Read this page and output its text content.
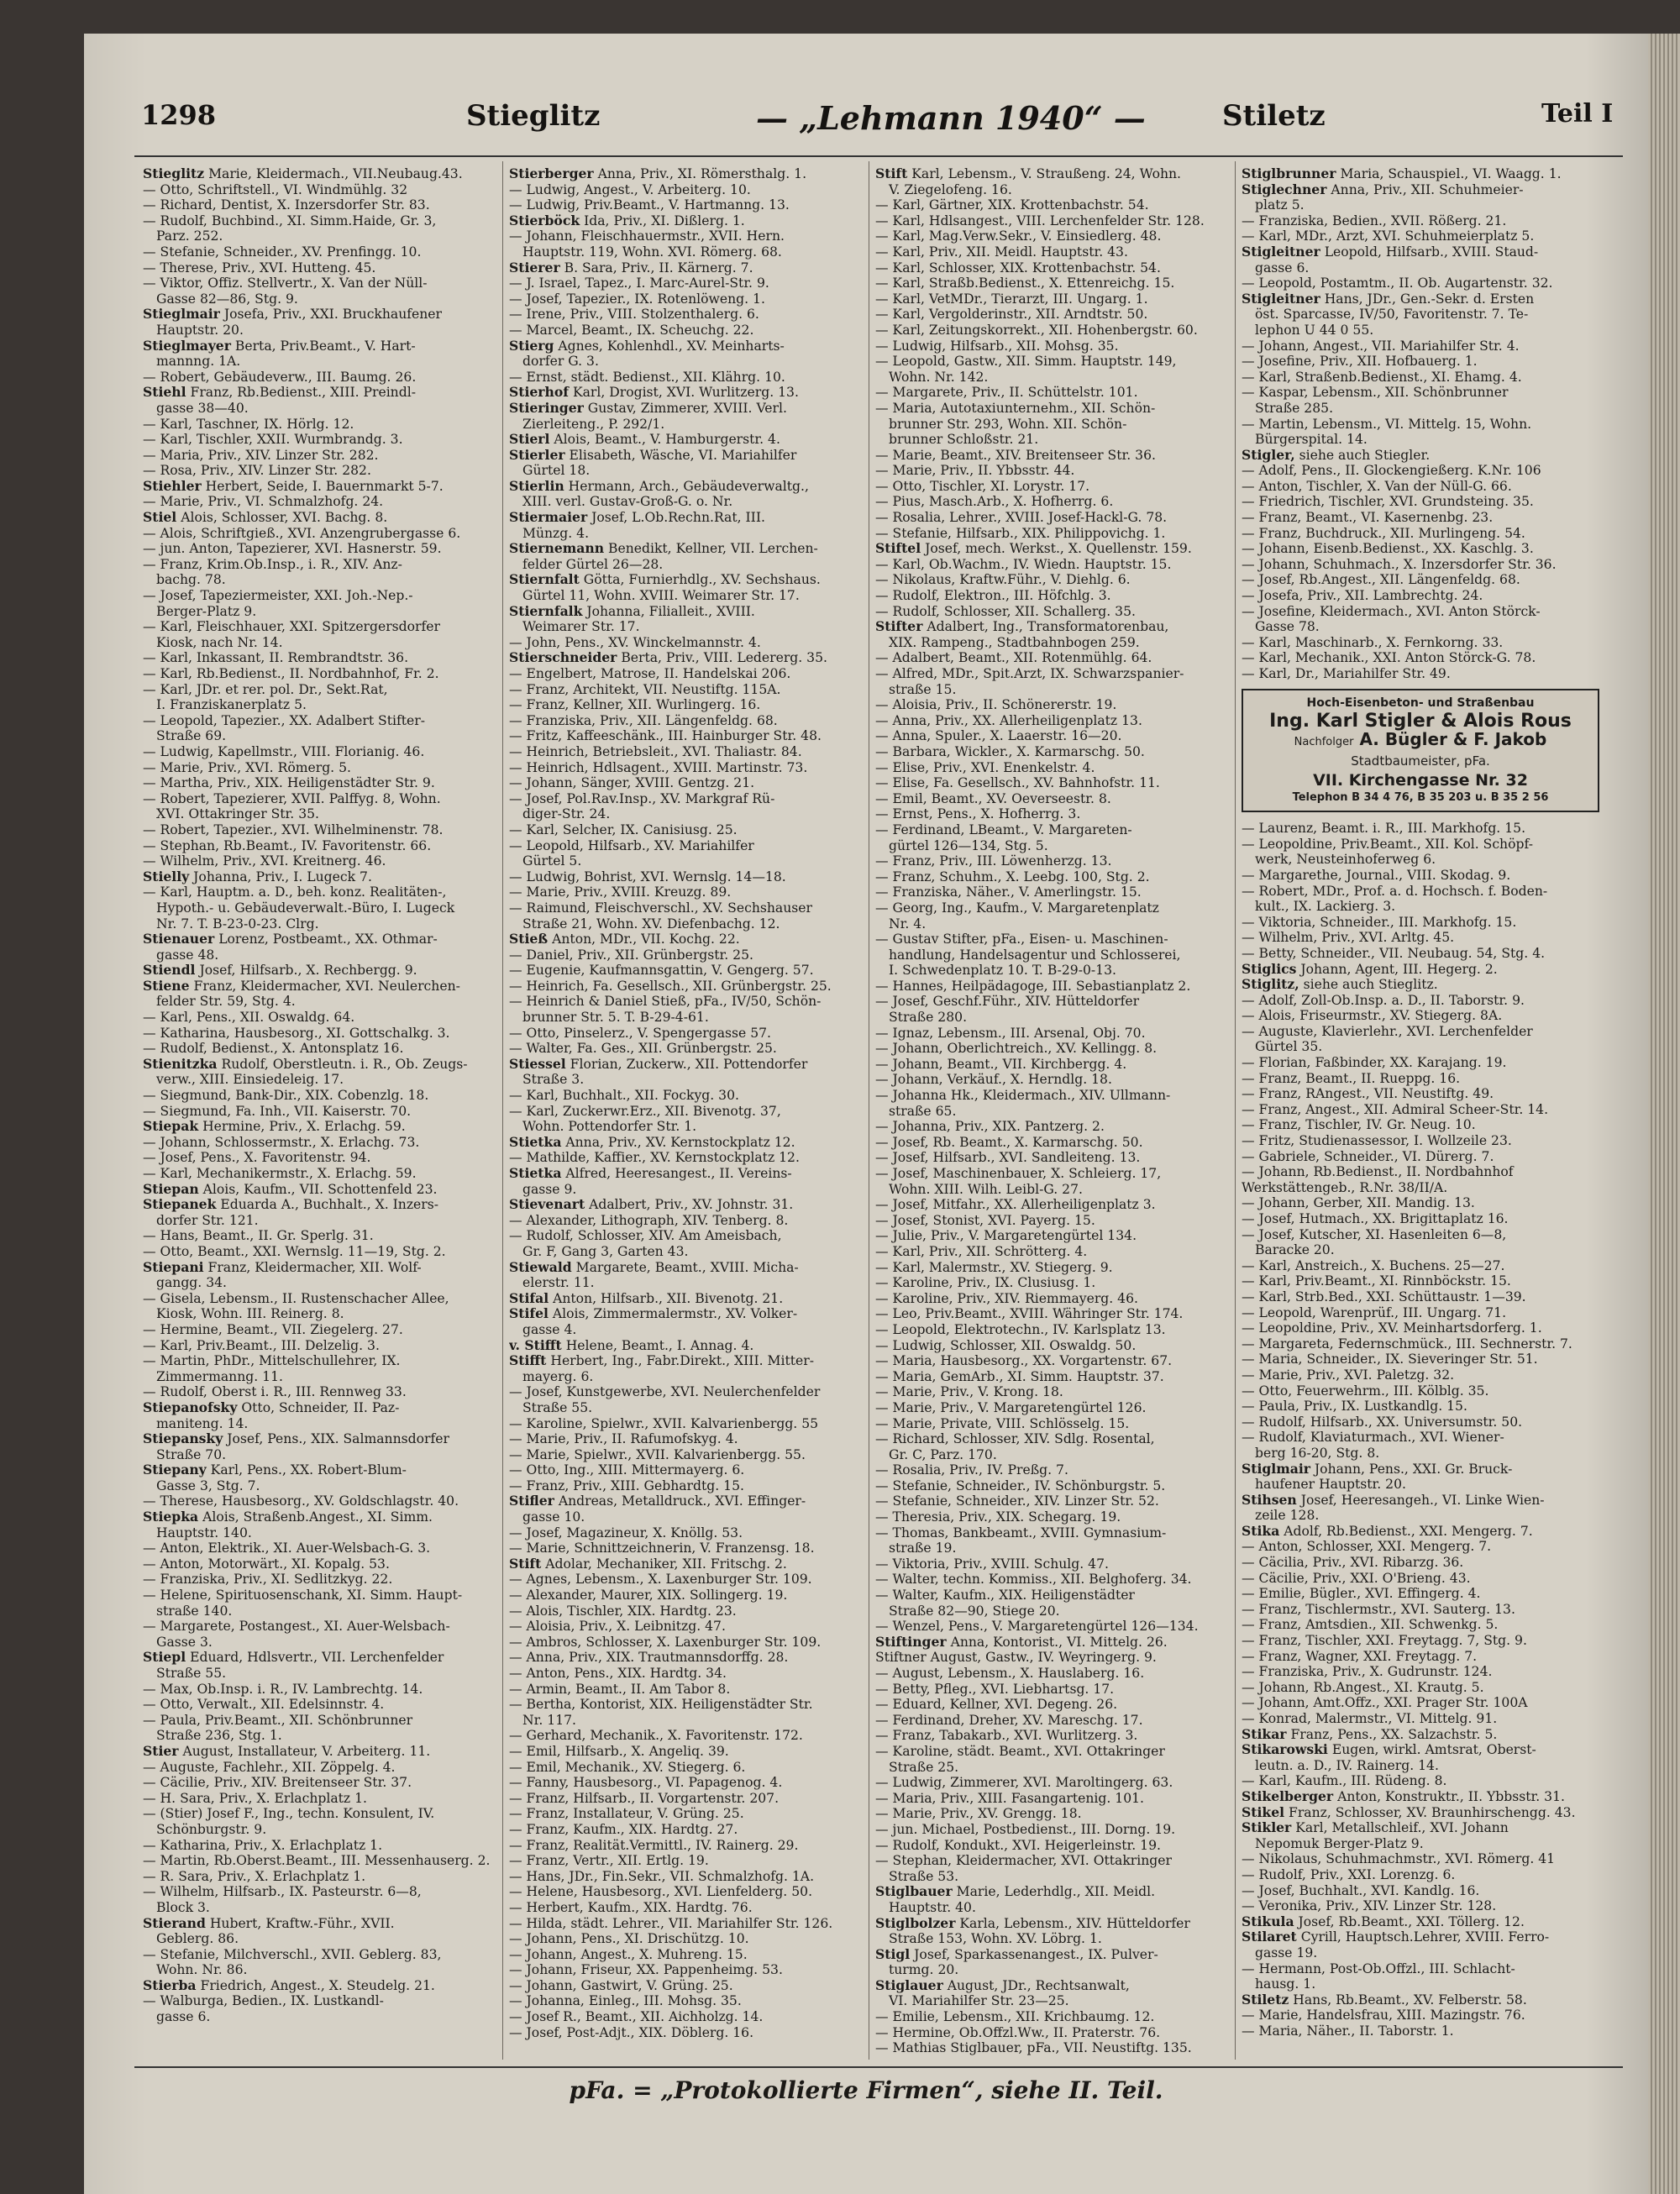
1298	Stieglitz	— „Lehmann 1940“ —	Stiletz	Teil I
Stieglitz Marie, Kleidermach., VII.Neubaug.43.
— Otto, Schriftstell., VI. Windmühlg. 32
— Richard, Dentist, X. Inzersdorfer Str. 83.
— Rudolf, Buchbind., XI. Simm.Haide, Gr. 3,
Parz. 252.
— Stefanie, Schneider., XV. Prenfingg. 10.
— Therese, Priv., XVI. Hutteng. 45.
— Viktor, Offiz. Stellvertr., X. Van der Nüll-
Gasse 82—86, Stg. 9.
Stieglmair Josefa, Priv., XXI. Bruckhaufener
Hauptstr. 20.
Stieglmayer Berta, Priv.Beamt., V. Hart-
mannng. 1A.
— Robert, Gebäudeverw., III. Baumg. 26.
Stiehl Franz, Rb.Bedienst., XIII. Preindl-
gasse 38—40.
— Karl, Taschner, IX. Hörlg. 12.
— Karl, Tischler, XXII. Wurmbrandg. 3.
— Maria, Priv., XIV. Linzer Str. 282.
— Rosa, Priv., XIV. Linzer Str. 282.
Stiehler Herbert, Seide, I. Bauernmarkt 5-7.
— Marie, Priv., VI. Schmalzhofg. 24.
Stiel Alois, Schlosser, XVI. Bachg. 8.
— Alois, Schriftgieß., XVI. Anzengrubergasse 6.
— jun. Anton, Tapezierer, XVI. Hasnerstr. 59.
— Franz, Krim.Ob.Insp., i. R., XIV. Anz-
bachg. 78.
— Josef, Tapeziermeister, XXI. Joh.-Nep.-
Berger-Platz 9.
— Karl, Fleischhauer, XXI. Spitzergersdorfer
Kiosk, nach Nr. 14.
— Karl, Inkassant, II. Rembrandtstr. 36.
— Karl, Rb.Bedienst., II. Nordbahnhof, Fr. 2.
— Karl, JDr. et rer. pol. Dr., Sekt.Rat,
I. Franziskanerplatz 5.
— Leopold, Tapezier., XX. Adalbert Stifter-
Straße 69.
— Ludwig, Kapellmstr., VIII. Florianig. 46.
— Marie, Priv., XVI. Römerg. 5.
— Martha, Priv., XIX. Heiligenstädter Str. 9.
— Robert, Tapezierer, XVII. Palffyg. 8, Wohn.
XVI. Ottakringer Str. 35.
— Robert, Tapezier., XVI. Wilhelminenstr. 78.
— Stephan, Rb.Beamt., IV. Favoritenstr. 66.
— Wilhelm, Priv., XVI. Kreitnerg. 46.
Stielly Johanna, Priv., I. Lugeck 7.
— Karl, Hauptm. a. D., beh. konz. Realitäten-,
Hypoth.- u. Gebäudeverwalt.-Büro, I. Lugeck
Nr. 7. T. B-23-0-23. Clrg.
Stienauer Lorenz, Postbeamt., XX. Othmar-
gasse 48.
Stiendl Josef, Hilfsarb., X. Rechbergg. 9.
Stiene Franz, Kleidermacher, XVI. Neulerchen-
felder Str. 59, Stg. 4.
— Karl, Pens., XII. Oswaldg. 64.
— Katharina, Hausbesorg., XI. Gottschalkg. 3.
— Rudolf, Bedienst., X. Antonsplatz 16.
Stienitzka Rudolf, Oberstleutn. i. R., Ob. Zeugs-
verw., XIII. Einsiedeleig. 17.
— Siegmund, Bank-Dir., XIX. Cobenzlg. 18.
— Siegmund, Fa. Inh., VII. Kaiserstr. 70.
Stiepak Hermine, Priv., X. Erlachg. 59.
— Johann, Schlossermstr., X. Erlachg. 73.
— Josef, Pens., X. Favoritenstr. 94.
— Karl, Mechanikermstr., X. Erlachg. 59.
Stiepan Alois, Kaufm., VII. Schottenfeld 23.
Stiepanek Eduarda A., Buchhalt., X. Inzers-
dorfer Str. 121.
— Hans, Beamt., II. Gr. Sperlg. 31.
— Otto, Beamt., XXI. Wernslg. 11—19, Stg. 2.
Stiepani Franz, Kleidermacher, XII. Wolf-
gangg. 34.
— Gisela, Lebensm., II. Rustenschacher Allee,
Kiosk, Wohn. III. Reinerg. 8.
— Hermine, Beamt., VII. Ziegelerg. 27.
— Karl, Priv.Beamt., III. Delzelig. 3.
— Martin, PhDr., Mittelschullehrer, IX.
Zimmermanng. 11.
— Rudolf, Oberst i. R., III. Rennweg 33.
Stiepanofsky Otto, Schneider, II. Paz-
maniteng. 14.
Stiepansky Josef, Pens., XIX. Salmannsdorfer
Straße 70.
Stiepany Karl, Pens., XX. Robert-Blum-
Gasse 3, Stg. 7.
— Therese, Hausbesorg., XV. Goldschlagstr. 40.
Stiepka Alois, Straßenb.Angest., XI. Simm.
Hauptstr. 140.
— Anton, Elektrik., XI. Auer-Welsbach-G. 3.
— Anton, Motorwärt., XI. Kopalg. 53.
— Franziska, Priv., XI. Sedlitzkyg. 22.
— Helene, Spirituosenschank, XI. Simm. Haupt-
straße 140.
— Margarete, Postangest., XI. Auer-Welsbach-
Gasse 3.
Stiepl Eduard, Hdlsvertr., VII. Lerchenfelder
Straße 55.
— Max, Ob.Insp. i. R., IV. Lambrechtg. 14.
— Otto, Verwalt., XII. Edelsinnstr. 4.
— Paula, Priv.Beamt., XII. Schönbrunner
Straße 236, Stg. 1.
Stier August, Installateur, V. Arbeiterg. 11.
— Auguste, Fachlehr., XII. Zöppelg. 4.
— Cäcilie, Priv., XIV. Breitenseer Str. 37.
— H. Sara, Priv., X. Erlachplatz 1.
— (Stier) Josef F., Ing., techn. Konsulent, IV.
Schönburgstr. 9.
— Katharina, Priv., X. Erlachplatz 1.
— Martin, Rb.Oberst.Beamt., III. Messenhauserg. 2.
— R. Sara, Priv., X. Erlachplatz 1.
— Wilhelm, Hilfsarb., IX. Pasteurstr. 6—8,
Block 3.
Stierand Hubert, Kraftw.-Führ., XVII.
Geblerg. 86.
— Stefanie, Milchverschl., XVII. Geblerg. 83,
Wohn. Nr. 86.
Stierba Friedrich, Angest., X. Steudelg. 21.
— Walburga, Bedien., IX. Lustkandl-
gasse 6.
Stierberger Anna, Priv., XI. Römersthalg. 1.
— Ludwig, Angest., V. Arbeiterg. 10.
— Ludwig, Priv.Beamt., V. Hartmanng. 13.
Stierböck Ida, Priv., XI. Dißlerg. 1.
— Johann, Fleischhauermstr., XVII. Hern.
Hauptstr. 119, Wohn. XVI. Römerg. 68.
Stierer B. Sara, Priv., II. Kärnerg. 7.
— J. Israel, Tapez., I. Marc-Aurel-Str. 9.
— Josef, Tapezier., IX. Rotenlöweng. 1.
— Irene, Priv., VIII. Stolzenthalerg. 6.
— Marcel, Beamt., IX. Scheuchg. 22.
Stierg Agnes, Kohlenhdl., XV. Meinharts-
dorfer G. 3.
— Ernst, städt. Bedienst., XII. Klährg. 10.
Stierhof Karl, Drogist, XVI. Wurlitzerg. 13.
Stieringer Gustav, Zimmerer, XVIII. Verl.
Zierleiteng., P. 292/1.
Stierl Alois, Beamt., V. Hamburgerstr. 4.
Stierler Elisabeth, Wäsche, VI. Mariahilfer
Gürtel 18.
Stierlin Hermann, Arch., Gebäudeverwaltg.,
XIII. verl. Gustav-Groß-G. o. Nr.
Stiermaier Josef, L.Ob.Rechn.Rat, III.
Münzg. 4.
Stiernemann Benedikt, Kellner, VII. Lerchen-
felder Gürtel 26—28.
Stiernfalt Götta, Furnierhdlg., XV. Sechshaus.
Gürtel 11, Wohn. XVIII. Weimarer Str. 17.
Stiernfalk Johanna, Filialleit., XVIII.
Weimarer Str. 17.
— John, Pens., XV. Winckelmannstr. 4.
Stierschneider Berta, Priv., VIII. Ledererg. 35.
— Engelbert, Matrose, II. Handelskai 206.
— Franz, Architekt, VII. Neustiftg. 115A.
— Franz, Kellner, XII. Wurlingerg. 16.
— Franziska, Priv., XII. Längenfeldg. 68.
— Fritz, Kaffeeschänk., III. Hainburger Str. 48.
— Heinrich, Betriebsleit., XVI. Thaliastr. 84.
— Heinrich, Hdlsagent., XVIII. Martinstr. 73.
— Johann, Sänger, XVIII. Gentzg. 21.
— Josef, Pol.Rav.Insp., XV. Markgraf Rü-
diger-Str. 24.
— Karl, Selcher, IX. Canisiusg. 25.
— Leopold, Hilfsarb., XV. Mariahilfer
Gürtel 5.
— Ludwig, Bohrist, XVI. Wernslg. 14—18.
— Marie, Priv., XVIII. Kreuzg. 89.
— Raimund, Fleischverschl., XV. Sechshauser
Straße 21, Wohn. XV. Diefenbachg. 12.
Stieß Anton, MDr., VII. Kochg. 22.
— Daniel, Priv., XII. Grünbergstr. 25.
— Eugenie, Kaufmannsgattin, V. Gengerg. 57.
— Heinrich, Fa. Gesellsch., XII. Grünbergstr. 25.
— Heinrich & Daniel Stieß, pFa., IV/50, Schön-
brunner Str. 5. T. B-29-4-61.
— Otto, Pinselerz., V. Spengergasse 57.
— Walter, Fa. Ges., XII. Grünbergstr. 25.
Stiessel Florian, Zuckerw., XII. Pottendorfer
Straße 3.
— Karl, Buchhalt., XII. Fockyg. 30.
— Karl, Zuckerwr.Erz., XII. Bivenotg. 37,
Wohn. Pottendorfer Str. 1.
Stietka Anna, Priv., XV. Kernstockplatz 12.
— Mathilde, Kaffier., XV. Kernstockplatz 12.
Stietka Alfred, Heeresangest., II. Vereins-
gasse 9.
Stievenart Adalbert, Priv., XV. Johnstr. 31.
— Alexander, Lithograph, XIV. Tenberg. 8.
— Rudolf, Schlosser, XIV. Am Ameisbach,
Gr. F, Gang 3, Garten 43.
Stiewald Margarete, Beamt., XVIII. Micha-
elerstr. 11.
Stifal Anton, Hilfsarb., XII. Bivenotg. 21.
Stifel Alois, Zimmermalermstr., XV. Volker-
gasse 4.
v. Stifft Helene, Beamt., I. Annag. 4.
Stifft Herbert, Ing., Fabr.Direkt., XIII. Mitter-
mayerg. 6.
— Josef, Kunstgewerbe, XVI. Neulerchenfelder
Straße 55.
— Karoline, Spielwr., XVII. Kalvarienbergg. 55
— Marie, Priv., II. Rafumofskyg. 4.
— Marie, Spielwr., XVII. Kalvarienbergg. 55.
— Otto, Ing., XIII. Mittermayerg. 6.
— Franz, Priv., XIII. Gebhardtg. 15.
Stifler Andreas, Metalldruck., XVI. Effinger-
gasse 10.
— Josef, Magazineur, X. Knöllg. 53.
— Marie, Schnittzeichnerin, V. Franzensg. 18.
Stift Adolar, Mechaniker, XII. Fritschg. 2.
— Agnes, Lebensm., X. Laxenburger Str. 109.
— Alexander, Maurer, XIX. Sollingerg. 19.
— Alois, Tischler, XIX. Hardtg. 23.
— Aloisia, Priv., X. Leibnitzg. 47.
— Ambros, Schlosser, X. Laxenburger Str. 109.
— Anna, Priv., XIX. Trautmannsdorffg. 28.
— Anton, Pens., XIX. Hardtg. 34.
— Armin, Beamt., II. Am Tabor 8.
— Bertha, Kontorist, XIX. Heiligenstädter Str.
Nr. 117.
— Gerhard, Mechanik., X. Favoritenstr. 172.
— Emil, Hilfsarb., X. Angeliq. 39.
— Emil, Mechanik., XV. Stiegerg. 6.
— Fanny, Hausbesorg., VI. Papagenog. 4.
— Franz, Hilfsarb., II. Vorgartenstr. 207.
— Franz, Installateur, V. Grüng. 25.
— Franz, Kaufm., XIX. Hardtg. 27.
— Franz, Realität.Vermittl., IV. Rainerg. 29.
— Franz, Vertr., XII. Ertlg. 19.
— Hans, JDr., Fin.Sekr., VII. Schmalzhofg. 1A.
— Helene, Hausbesorg., XVI. Lienfelderg. 50.
— Herbert, Kaufm., XIX. Hardtg. 76.
— Hilda, städt. Lehrer., VII. Mariahilfer Str. 126.
— Johann, Pens., XI. Drischützg. 10.
— Johann, Angest., X. Muhreng. 15.
— Johann, Friseur, XX. Pappenheimg. 53.
— Johann, Gastwirt, V. Grüng. 25.
— Johanna, Einleg., III. Mohsg. 35.
— Josef R., Beamt., XII. Aichholzg. 14.
— Josef, Post-Adjt., XIX. Döblerg. 16.
Stift Karl, Lebensm., V. Straußeng. 24, Wohn.
V. Ziegelofeng. 16.
— Karl, Gärtner, XIX. Krottenbachstr. 54.
— Karl, Hdlsangest., VIII. Lerchenfelder Str. 128.
— Karl, Mag.Verw.Sekr., V. Einsiedlerg. 48.
— Karl, Priv., XII. Meidl. Hauptstr. 43.
— Karl, Schlosser, XIX. Krottenbachstr. 54.
— Karl, Straßb.Bedienst., X. Ettenreichg. 15.
— Karl, VetMDr., Tierarzt, III. Ungarg. 1.
— Karl, Vergolderinstr., XII. Arndtstr. 50.
— Karl, Zeitungskorrekt., XII. Hohenbergstr. 60.
— Ludwig, Hilfsarb., XII. Mohsg. 35.
— Leopold, Gastw., XII. Simm. Hauptstr. 149,
Wohn. Nr. 142.
— Margarete, Priv., II. Schüttelstr. 101.
— Maria, Autotaxiunternehm., XII. Schön-
brunner Str. 293, Wohn. XII. Schön-
brunner Schloßstr. 21.
— Marie, Beamt., XIV. Breitenseer Str. 36.
— Marie, Priv., II. Ybbsstr. 44.
— Otto, Tischler, XI. Lorystr. 17.
— Pius, Masch.Arb., X. Hofherrg. 6.
— Rosalia, Lehrer., XVIII. Josef-Hackl-G. 78.
— Stefanie, Hilfsarb., XIX. Philippovichg. 1.
Stiftel Josef, mech. Werkst., X. Quellenstr. 159.
— Karl, Ob.Wachm., IV. Wiedn. Hauptstr. 15.
— Nikolaus, Kraftw.Führ., V. Diehlg. 6.
— Rudolf, Elektron., III. Höfchlg. 3.
— Rudolf, Schlosser, XII. Schallerg. 35.
Stifter Adalbert, Ing., Transformatorenbau,
XIX. Rampeng., Stadtbahnbogen 259.
— Adalbert, Beamt., XII. Rotenmühlg. 64.
— Alfred, MDr., Spit.Arzt, IX. Schwarzspanier-
straße 15.
— Aloisia, Priv., II. Schönererstr. 19.
— Anna, Priv., XX. Allerheiligenplatz 13.
— Anna, Spuler., X. Laaerstr. 16—20.
— Barbara, Wickler., X. Karmarschg. 50.
— Elise, Priv., XVI. Enenkelstr. 4.
— Elise, Fa. Gesellsch., XV. Bahnhofstr. 11.
— Emil, Beamt., XV. Oeverseestr. 8.
— Ernst, Pens., X. Hofherrg. 3.
— Ferdinand, LBeamt., V. Margareten-
gürtel 126—134, Stg. 5.
— Franz, Priv., III. Löwenherzg. 13.
— Franz, Schuhm., X. Leebg. 100, Stg. 2.
— Franziska, Näher., V. Amerlingstr. 15.
— Georg, Ing., Kaufm., V. Margaretenplatz
Nr. 4.
— Gustav Stifter, pFa., Eisen- u. Maschinen-
handlung, Handelsagentur und Schlosserei,
I. Schwedenplatz 10. T. B-29-0-13.
— Hannes, Heilpädagoge, III. Sebastianplatz 2.
— Josef, Geschf.Führ., XIV. Hütteldorfer
Straße 280.
— Ignaz, Lebensm., III. Arsenal, Obj. 70.
— Johann, Oberlichtreich., XV. Kellingg. 8.
— Johann, Beamt., VII. Kirchbergg. 4.
— Johann, Verkäuf., X. Herndlg. 18.
— Johanna Hk., Kleidermach., XIV. Ullmann-
straße 65.
— Johanna, Priv., XIX. Pantzerg. 2.
— Josef, Rb. Beamt., X. Karmarschg. 50.
— Josef, Hilfsarb., XVI. Sandleiteng. 13.
— Josef, Maschinenbauer, X. Schleierg. 17,
Wohn. XIII. Wilh. Leibl-G. 27.
— Josef, Mitfahr., XX. Allerheiligenplatz 3.
— Josef, Stonist, XVI. Payerg. 15.
— Julie, Priv., V. Margaretengürtel 134.
— Karl, Priv., XII. Schrötterg. 4.
— Karl, Malermstr., XV. Stiegerg. 9.
— Karoline, Priv., IX. Clusiusg. 1.
— Karoline, Priv., XIV. Riemmayerg. 46.
— Leo, Priv.Beamt., XVIII. Währinger Str. 174.
— Leopold, Elektrotechn., IV. Karlsplatz 13.
— Ludwig, Schlosser, XII. Oswaldg. 50.
— Maria, Hausbesorg., XX. Vorgartenstr. 67.
— Maria, GemArb., XI. Simm. Hauptstr. 37.
— Marie, Priv., V. Krong. 18.
— Marie, Priv., V. Margaretengürtel 126.
— Marie, Private, VIII. Schlösselg. 15.
— Richard, Schlosser, XIV. Sdlg. Rosental,
Gr. C, Parz. 170.
— Rosalia, Priv., IV. Preßg. 7.
— Stefanie, Schneider., IV. Schönburgstr. 5.
— Stefanie, Schneider., XIV. Linzer Str. 52.
— Theresia, Priv., XIX. Schegarg. 19.
— Thomas, Bankbeamt., XVIII. Gymnasium-
straße 19.
— Viktoria, Priv., XVIII. Schulg. 47.
— Walter, techn. Kommiss., XII. Belghoferg. 34.
— Walter, Kaufm., XIX. Heiligenstädter
Straße 82—90, Stiege 20.
— Wenzel, Pens., V. Margaretengürtel 126—134.
Stiftinger Anna, Kontorist., VI. Mittelg. 26.
Stiftner August, Gastw., IV. Weyringerg. 9.
— August, Lebensm., X. Hauslaberg. 16.
— Betty, Pfleg., XVI. Liebhartsg. 17.
— Eduard, Kellner, XVI. Degeng. 26.
— Ferdinand, Dreher, XV. Mareschg. 17.
— Franz, Tabakarb., XVI. Wurlitzerg. 3.
— Karoline, städt. Beamt., XVI. Ottakringer
Straße 25.
— Ludwig, Zimmerer, XVI. Maroltingerg. 63.
— Maria, Priv., XIII. Fasangartenig. 101.
— Marie, Priv., XV. Grengg. 18.
— jun. Michael, Postbedienst., III. Dorng. 19.
— Rudolf, Kondukt., XVI. Heigerleinstr. 19.
— Stephan, Kleidermacher, XVI. Ottakringer
Straße 53.
Stiglbauer Marie, Lederhdlg., XII. Meidl.
Hauptstr. 40.
Stiglbolzer Karla, Lebensm., XIV. Hütteldorfer
Straße 153, Wohn. XV. Löbrg. 1.
Stigl Josef, Sparkassenangest., IX. Pulver-
turmg. 20.
Stiglauer August, JDr., Rechtsanwalt,
VI. Mariahilfer Str. 23—25.
— Emilie, Lebensm., XII. Krichbaumg. 12.
— Hermine, Ob.Offzl.Ww., II. Praterstr. 76.
— Mathias Stiglbauer, pFa., VII. Neustiftg. 135.
Stiglbrunner Maria, Schauspiel., VI. Waagg. 1.
Stiglechner Anna, Priv., XII. Schuhmeier-
platz 5.
— Franziska, Bedien., XVII. Rößerg. 21.
— Karl, MDr., Arzt, XVI. Schuhmeierplatz 5.
Stigleitner Leopold, Hilfsarb., XVIII. Staud-
gasse 6.
— Leopold, Postamtm., II. Ob. Augartenstr. 32.
Stigleitner Hans, JDr., Gen.-Sekr. d. Ersten
öst. Sparcasse, IV/50, Favoritenstr. 7. Te-
lephon U 44 0 55.
— Johann, Angest., VII. Mariahilfer Str. 4.
— Josefine, Priv., XII. Hofbauerg. 1.
— Karl, Straßenb.Bedienst., XI. Ehamg. 4.
— Kaspar, Lebensm., XII. Schönbrunner
Straße 285.
— Martin, Lebensm., VI. Mittelg. 15, Wohn.
Bürgerspital. 14.
Stigler, siehe auch Stiegler.
— Adolf, Pens., II. Glockengießerg. K.Nr. 106
— Anton, Tischler, X. Van der Nüll-G. 66.
— Friedrich, Tischler, XVI. Grundsteing. 35.
— Franz, Beamt., VI. Kasernenbg. 23.
— Franz, Buchdruck., XII. Murlingeng. 54.
— Johann, Eisenb.Bedienst., XX. Kaschlg. 3.
— Johann, Schuhmach., X. Inzersdorfer Str. 36.
— Josef, Rb.Angest., XII. Längenfeldg. 68.
— Josefa, Priv., XII. Lambrechtg. 24.
— Josefine, Kleidermach., XVI. Anton Störck-
Gasse 78.
— Karl, Maschinarb., X. Fernkorng. 33.
— Karl, Mechanik., XXI. Anton Störck-G. 78.
— Karl, Dr., Mariahilfer Str. 49.
Hoch-Eisenbeton- und Straßenbau
Ing. Karl Stigler & Alois Rous
Nachfolger A. Bügler & F. Jakob
Stadtbaumeister, pFa.
VII. Kirchengasse Nr. 32
Telephon B 34 4 76, B 35 203 u. B 35 2 56
— Laurenz, Beamt. i. R., III. Markhofg. 15.
— Leopoldine, Priv.Beamt., XII. Kol. Schöpf-
werk, Neusteinhoferweg 6.
— Margarethe, Journal., VIII. Skodag. 9.
— Robert, MDr., Prof. a. d. Hochsch. f. Boden-
kult., IX. Lackierg. 3.
— Viktoria, Schneider., III. Markhofg. 15.
— Wilhelm, Priv., XVI. Arltg. 45.
— Betty, Schneider., VII. Neubaug. 54, Stg. 4.
Stiglics Johann, Agent, III. Hegerg. 2.
Stiglitz, siehe auch Stieglitz.
— Adolf, Zoll-Ob.Insp. a. D., II. Taborstr. 9.
— Alois, Friseurmstr., XV. Stiegerg. 8A.
— Auguste, Klavierlehr., XVI. Lerchenfelder
Gürtel 35.
— Florian, Faßbinder, XX. Karajang. 19.
— Franz, Beamt., II. Rueppg. 16.
— Franz, RAngest., VII. Neustiftg. 49.
— Franz, Angest., XII. Admiral Scheer-Str. 14.
— Franz, Tischler, IV. Gr. Neug. 10.
— Fritz, Studienassessor, I. Wollzeile 23.
— Gabriele, Schneider., VI. Dürerg. 7.
— Johann, Rb.Bedienst., II. Nordbahnhof
Werkstättengeb., R.Nr. 38/II/A.
— Johann, Gerber, XII. Mandig. 13.
— Josef, Hutmach., XX. Brigittaplatz 16.
— Josef, Kutscher, XI. Hasenleiten 6—8,
Baracke 20.
— Karl, Anstreich., X. Buchens. 25—27.
— Karl, Priv.Beamt., XI. Rinnböckstr. 15.
— Karl, Strb.Bed., XXI. Schüttaustr. 1—39.
— Leopold, Warenprüf., III. Ungarg. 71.
— Leopoldine, Priv., XV. Meinhartsdorferg. 1.
— Margareta, Federnschmück., III. Sechnerstr. 7.
— Maria, Schneider., IX. Sieveringer Str. 51.
— Marie, Priv., XVI. Paletzg. 32.
— Otto, Feuerwehrm., III. Kölblg. 35.
— Paula, Priv., IX. Lustkandlg. 15.
— Rudolf, Hilfsarb., XX. Universumstr. 50.
— Rudolf, Klaviaturmach., XVI. Wiener-
berg 16-20, Stg. 8.
Stiglmair Johann, Pens., XXI. Gr. Bruck-
haufener Hauptstr. 20.
Stihsen Josef, Heeresangeh., VI. Linke Wien-
zeile 128.
Stika Adolf, Rb.Bedienst., XXI. Mengerg. 7.
— Anton, Schlosser, XXI. Mengerg. 7.
— Cäcilia, Priv., XVI. Ribarzg. 36.
— Cäcilie, Priv., XXI. O'Brieng. 43.
— Emilie, Bügler., XVI. Effingerg. 4.
— Franz, Tischlermstr., XVI. Sauterg. 13.
— Franz, Amtsdien., XII. Schwenkg. 5.
— Franz, Tischler, XXI. Freytagg. 7, Stg. 9.
— Franz, Wagner, XXI. Freytagg. 7.
— Franziska, Priv., X. Gudrunstr. 124.
— Johann, Rb.Angest., XI. Krautg. 5.
— Johann, Amt.Offz., XXI. Prager Str. 100A
— Konrad, Malermstr., VI. Mittelg. 91.
Stikar Franz, Pens., XX. Salzachstr. 5.
Stikarowski Eugen, wirkl. Amtsrat, Oberst-
leutn. a. D., IV. Rainerg. 14.
— Karl, Kaufm., III. Rüdeng. 8.
Stikelberger Anton, Konstruktr., II. Ybbsstr. 31.
Stikel Franz, Schlosser, XV. Braunhirschengg. 43.
Stikler Karl, Metallschleif., XVI. Johann
Nepomuk Berger-Platz 9.
— Nikolaus, Schuhmachmstr., XVI. Römerg. 41
— Rudolf, Priv., XXI. Lorenzg. 6.
— Josef, Buchhalt., XVI. Kandlg. 16.
— Veronika, Priv., XIV. Linzer Str. 128.
Stikula Josef, Rb.Beamt., XXI. Töllerg. 12.
Stilaret Cyrill, Hauptsch.Lehrer, XVIII. Ferro-
gasse 19.
— Hermann, Post-Ob.Offzl., III. Schlacht-
hausg. 1.
Stiletz Hans, Rb.Beamt., XV. Felberstr. 58.
— Marie, Handelsfrau, XIII. Mazingstr. 76.
— Maria, Näher., II. Taborstr. 1.
pFa. = „Protokollierte Firmen“, siehe II. Teil.
